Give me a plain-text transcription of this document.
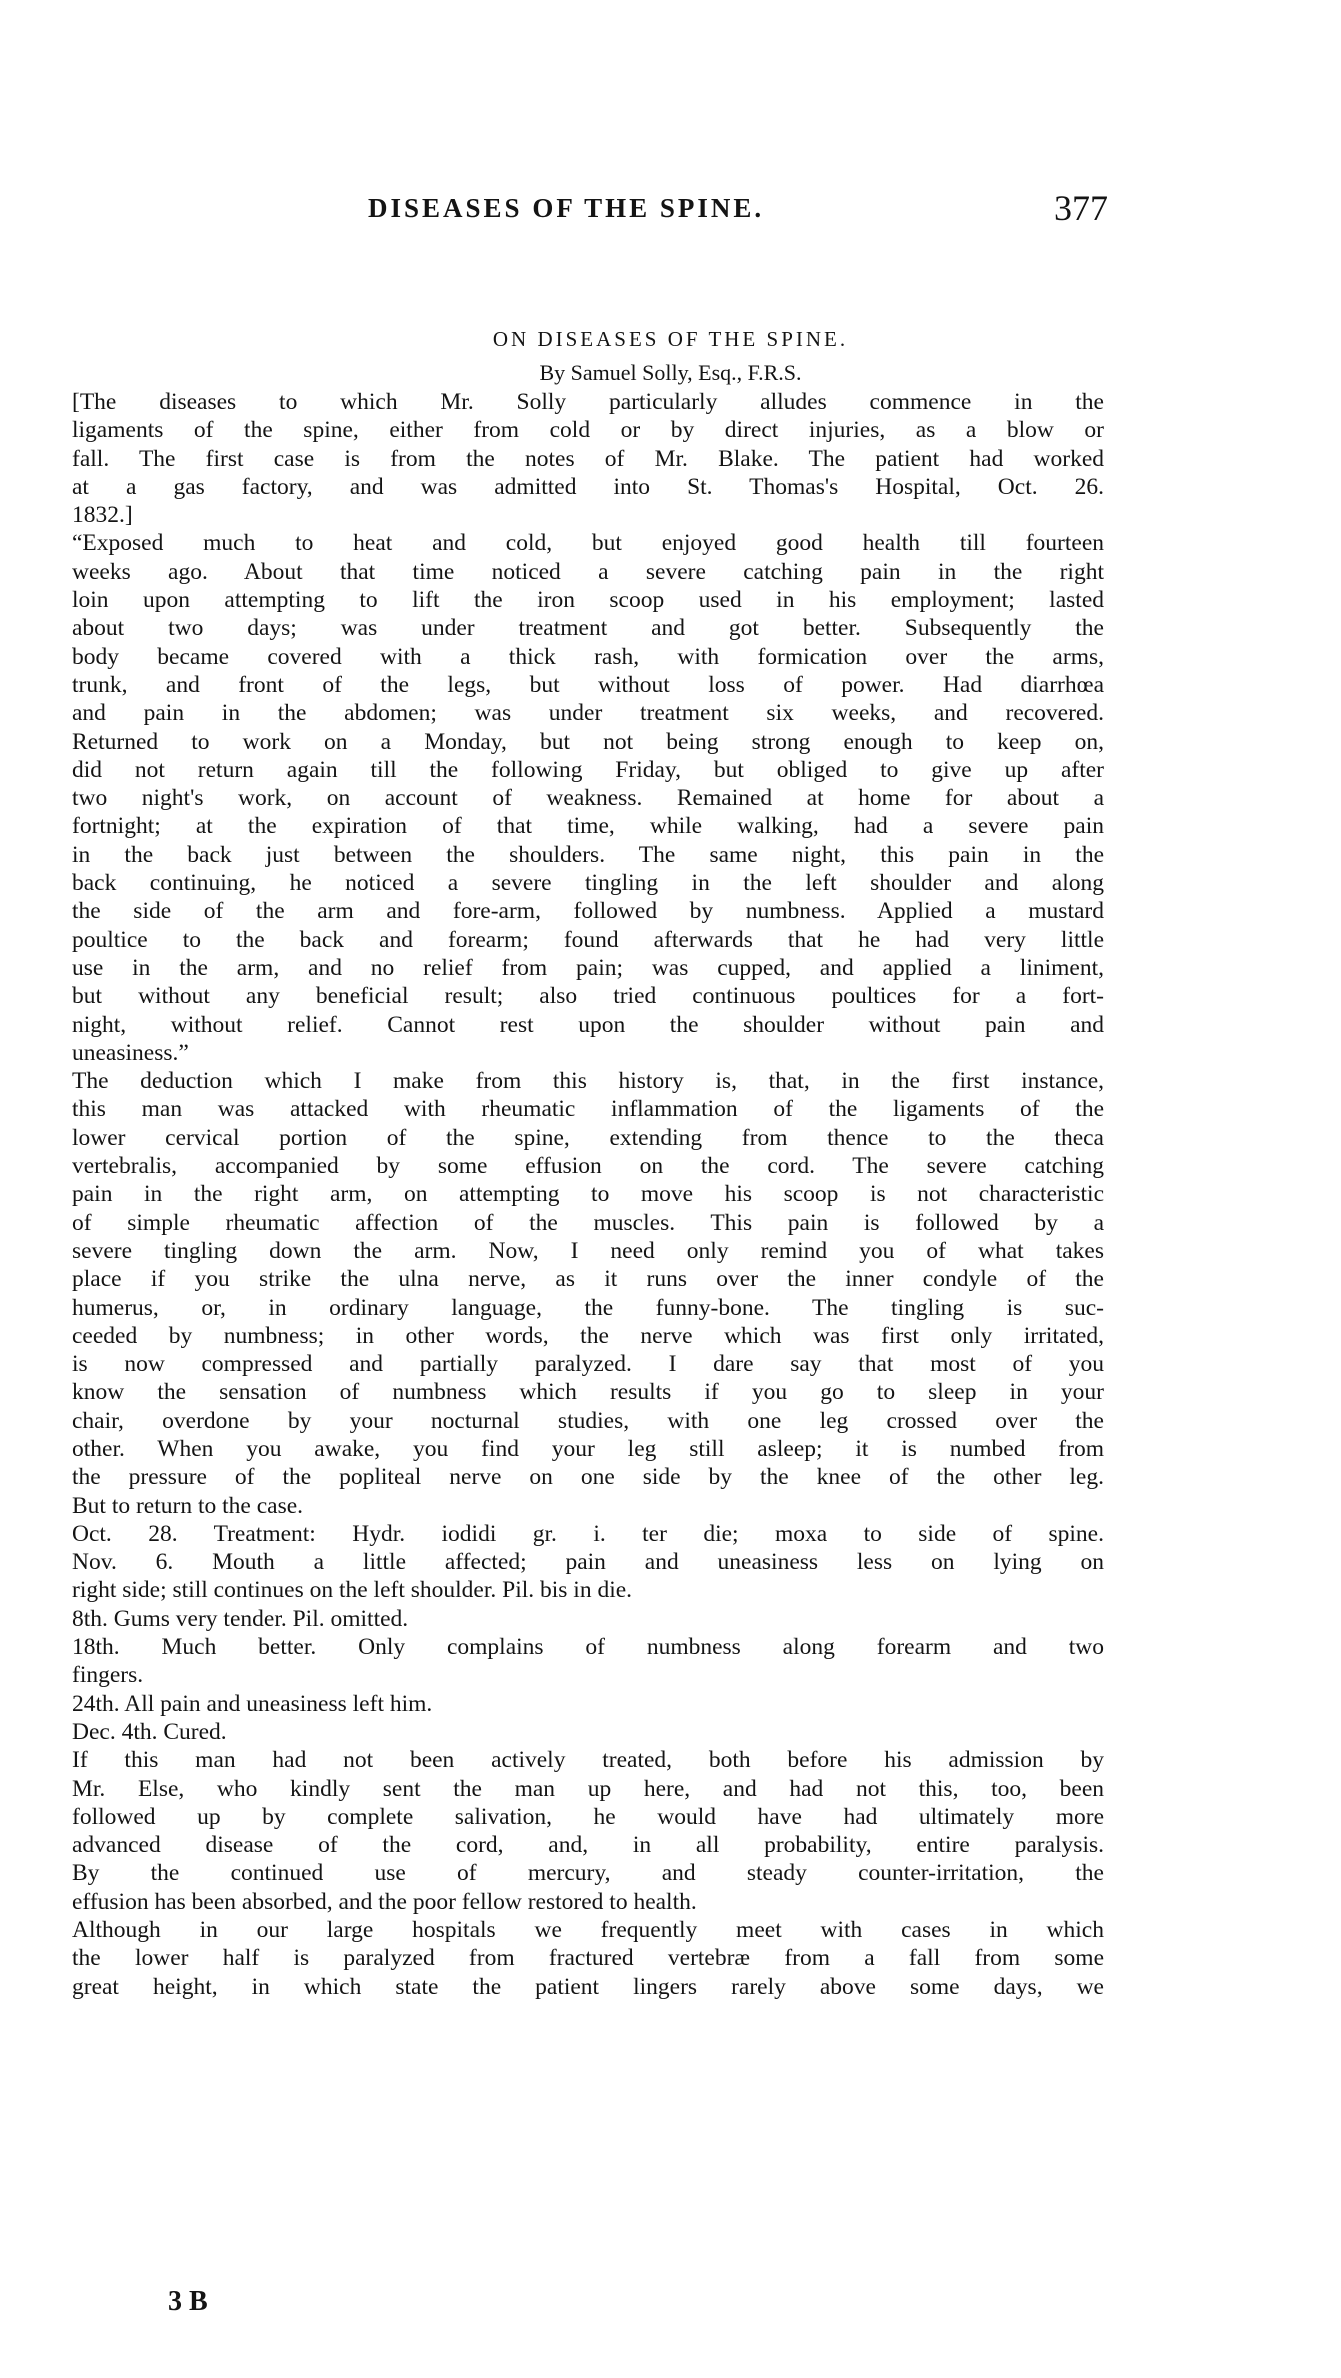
DISEASES OF THE SPINE.	377
ON DISEASES OF THE SPINE.
By Samuel Solly, Esq., F.R.S.
[The diseases to which Mr. Solly particularly alludes commence in the
ligaments of the spine, either from cold or by direct injuries, as a blow or
fall. The first case is from the notes of Mr. Blake. The patient had worked
at a gas factory, and was admitted into St. Thomas's Hospital, Oct. 26.
1832.]
“Exposed much to heat and cold, but enjoyed good health till fourteen
weeks ago. About that time noticed a severe catching pain in the right
loin upon attempting to lift the iron scoop used in his employment; lasted
about two days; was under treatment and got better. Subsequently the
body became covered with a thick rash, with formication over the arms,
trunk, and front of the legs, but without loss of power. Had diarrhœa
and pain in the abdomen; was under treatment six weeks, and recovered.
Returned to work on a Monday, but not being strong enough to keep on,
did not return again till the following Friday, but obliged to give up after
two night's work, on account of weakness. Remained at home for about a
fortnight; at the expiration of that time, while walking, had a severe pain
in the back just between the shoulders. The same night, this pain in the
back continuing, he noticed a severe tingling in the left shoulder and along
the side of the arm and fore-arm, followed by numbness. Applied a mustard
poultice to the back and forearm; found afterwards that he had very little
use in the arm, and no relief from pain; was cupped, and applied a liniment,
but without any beneficial result; also tried continuous poultices for a fort-
night, without relief. Cannot rest upon the shoulder without pain and
uneasiness.”
The deduction which I make from this history is, that, in the first instance,
this man was attacked with rheumatic inflammation of the ligaments of the
lower cervical portion of the spine, extending from thence to the theca
vertebralis, accompanied by some effusion on the cord. The severe catching
pain in the right arm, on attempting to move his scoop is not characteristic
of simple rheumatic affection of the muscles. This pain is followed by a
severe tingling down the arm. Now, I need only remind you of what takes
place if you strike the ulna nerve, as it runs over the inner condyle of the
humerus, or, in ordinary language, the funny-bone. The tingling is suc-
ceeded by numbness; in other words, the nerve which was first only irritated,
is now compressed and partially paralyzed. I dare say that most of you
know the sensation of numbness which results if you go to sleep in your
chair, overdone by your nocturnal studies, with one leg crossed over the
other. When you awake, you find your leg still asleep; it is numbed from
the pressure of the popliteal nerve on one side by the knee of the other leg.
But to return to the case.
Oct. 28. Treatment: Hydr. iodidi gr. i. ter die; moxa to side of spine.
Nov. 6. Mouth a little affected; pain and uneasiness less on lying on
right side; still continues on the left shoulder. Pil. bis in die.
8th. Gums very tender. Pil. omitted.
18th. Much better. Only complains of numbness along forearm and two
fingers.
24th. All pain and uneasiness left him.
Dec. 4th. Cured.
If this man had not been actively treated, both before his admission by
Mr. Else, who kindly sent the man up here, and had not this, too, been
followed up by complete salivation, he would have had ultimately more
advanced disease of the cord, and, in all probability, entire paralysis.
By the continued use of mercury, and steady counter-irritation, the
effusion has been absorbed, and the poor fellow restored to health.
Although in our large hospitals we frequently meet with cases in which
the lower half is paralyzed from fractured vertebræ from a fall from some
great height, in which state the patient lingers rarely above some days, we
3 B
